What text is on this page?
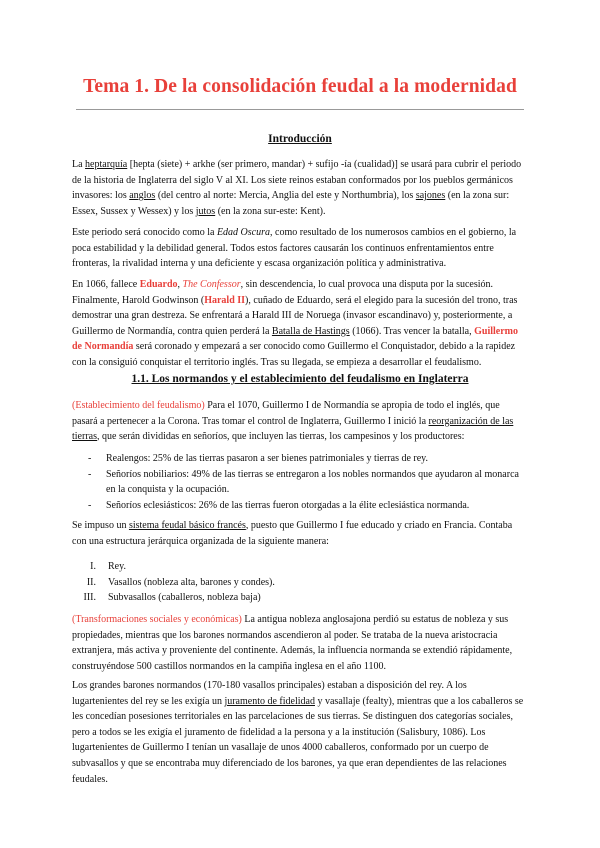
Tema 1. De la consolidación feudal a la modernidad
Introducción

La heptarquía [hepta (siete) + arkhe (ser primero, mandar) + sufijo -ía (cualidad)] se usará para cubrir el periodo de la historia de Inglaterra del siglo V al XI. Los siete reinos estaban conformados por los pueblos germánicos invasores: los anglos (del centro al norte: Mercia, Anglia del este y Northumbria), los sajones (en la zona sur: Essex, Sussex y Wessex) y los jutos (en la zona sur-este: Kent).

Este periodo será conocido como la Edad Oscura, como resultado de los numerosos cambios en el gobierno, la poca estabilidad y la debilidad general. Todos estos factores causarán los continuos enfrentamientos entre fronteras, la rivalidad interna y una deficiente y escasa organización política y administrativa.

En 1066, fallece Eduardo, The Confessor, sin descendencia, lo cual provoca una disputa por la sucesión. Finalmente, Harold Godwinson (Harald II), cuñado de Eduardo, será el elegido para la sucesión del trono, tras demostrar una gran destreza. Se enfrentará a Harald III de Noruega (invasor escandinavo) y, posteriormente, a Guillermo de Normandía, contra quien perderá la Batalla de Hastings (1066). Tras vencer la batalla, Guillermo de Normandía será coronado y empezará a ser conocido como Guillermo el Conquistador, debido a la rapidez con la consiguió conquistar el territorio inglés. Tras su llegada, se empieza a desarrollar el feudalismo.

1.1. Los normandos y el establecimiento del feudalismo en Inglaterra

(Establecimiento del feudalismo) Para el 1070, Guillermo I de Normandía se apropia de todo el inglés, que pasará a pertenecer a la Corona. Tras tomar el control de Inglaterra, Guillermo I inició la reorganización de las tierras, que serán divididas en señoríos, que incluyen las tierras, los campesinos y los productores:

- Realengos: 25% de las tierras pasaron a ser bienes patrimoniales y tierras de rey.
- Señoríos nobiliarios: 49% de las tierras se entregaron a los nobles normandos que ayudaron al monarca en la conquista y la ocupación.
- Señoríos eclesiásticos: 26% de las tierras fueron otorgadas a la élite eclesiástica normanda.

Se impuso un sistema feudal básico francés, puesto que Guillermo I fue educado y criado en Francia. Contaba con una estructura jerárquica organizada de la siguiente manera:

I. Rey.
II. Vasallos (nobleza alta, barones y condes).
III. Subvasallos (caballeros, nobleza baja)

(Transformaciones sociales y económicas) La antigua nobleza anglosajona perdió su estatus de nobleza y sus propiedades, mientras que los barones normandos ascendieron al poder. Se trataba de la nueva aristocracia extranjera, más activa y proveniente del continente. Además, la influencia normanda se extendió rápidamente, construyéndose 500 castillos normandos en la campiña inglesa en el año 1100.

Los grandes barones normandos (170-180 vasallos principales) estaban a disposición del rey. A los lugartenientes del rey se les exigía un juramento de fidelidad y vasallaje (fealty), mientras que a los caballeros se les concedían posesiones territoriales en las parcelaciones de sus tierras. Se distinguen dos categorías sociales, pero a todos se les exigía el juramento de fidelidad a la persona y a la institución (Salisbury, 1086). Los lugartenientes de Guillermo I tenían un vasallaje de unos 4000 caballeros, conformado por un cuerpo de subvasallos y que se encontraba muy diferenciado de los barones, ya que eran dependientes de las relaciones feudales.
